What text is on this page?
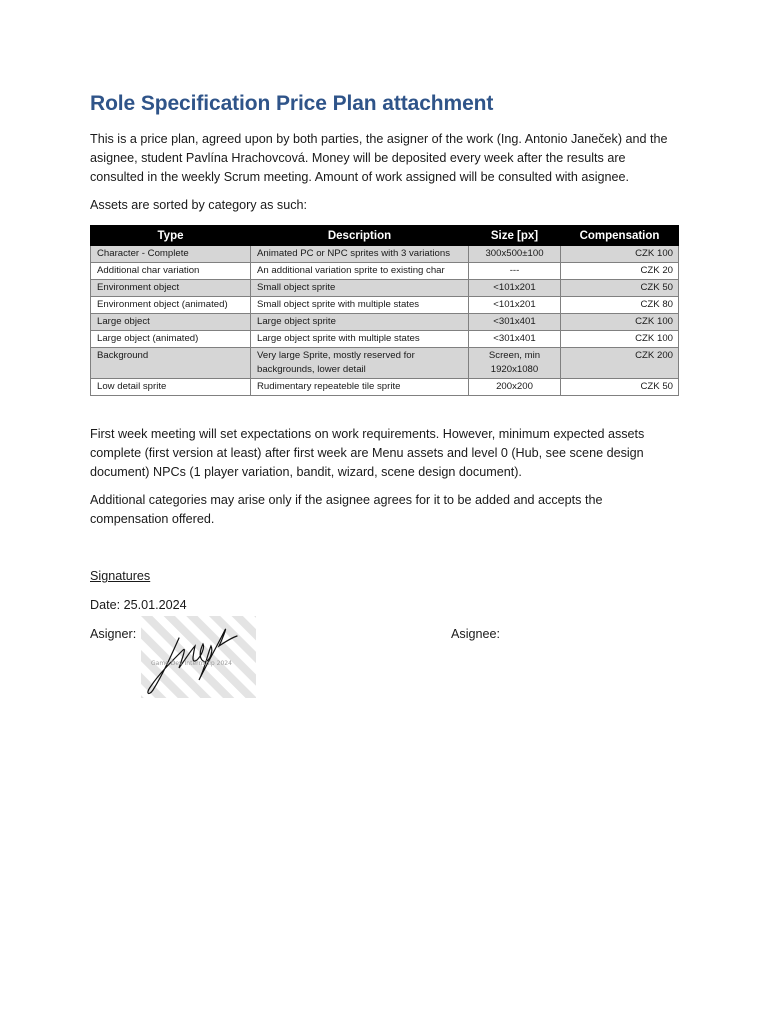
Role Specification Price Plan attachment

This is a price plan, agreed upon by both parties, the asigner of the work (Ing. Antonio Janeček) and the asignee, student Pavlína Hrachovcová. Money will be deposited every week after the results are consulted in the weekly Scrum meeting. Amount of work assigned will be consulted with asignee.

Assets are sorted by category as such:

Type	Description	Size [px]	Compensation
Character - Complete	Animated PC or NPC sprites with 3 variations	300x500±100	CZK 100
Additional char variation	An additional variation sprite to existing char	---	CZK 20
Environment object	Small object sprite	<101x201	CZK 50
Environment object (animated)	Small object sprite with multiple states	<101x201	CZK 80
Large object	Large object sprite	<301x401	CZK 100
Large object (animated)	Large object sprite with multiple states	<301x401	CZK 100
Background	Very large Sprite, mostly reserved for backgrounds, lower detail	Screen, min 1920x1080	CZK 200
Low detail sprite	Rudimentary repeateble tile sprite	200x200	CZK 50

First week meeting will set expectations on work requirements. However, minimum expected assets complete (first version at least) after first week are Menu assets and level 0 (Hub, see scene design document) NPCs (1 player variation, bandit, wizard, scene design document).

Additional categories may arise only if the asignee agrees for it to be added and accepts the compensation offered.

Signatures

Date: 25.01.2024

Asigner:

Game Dev Internship 2024

Asignee:
